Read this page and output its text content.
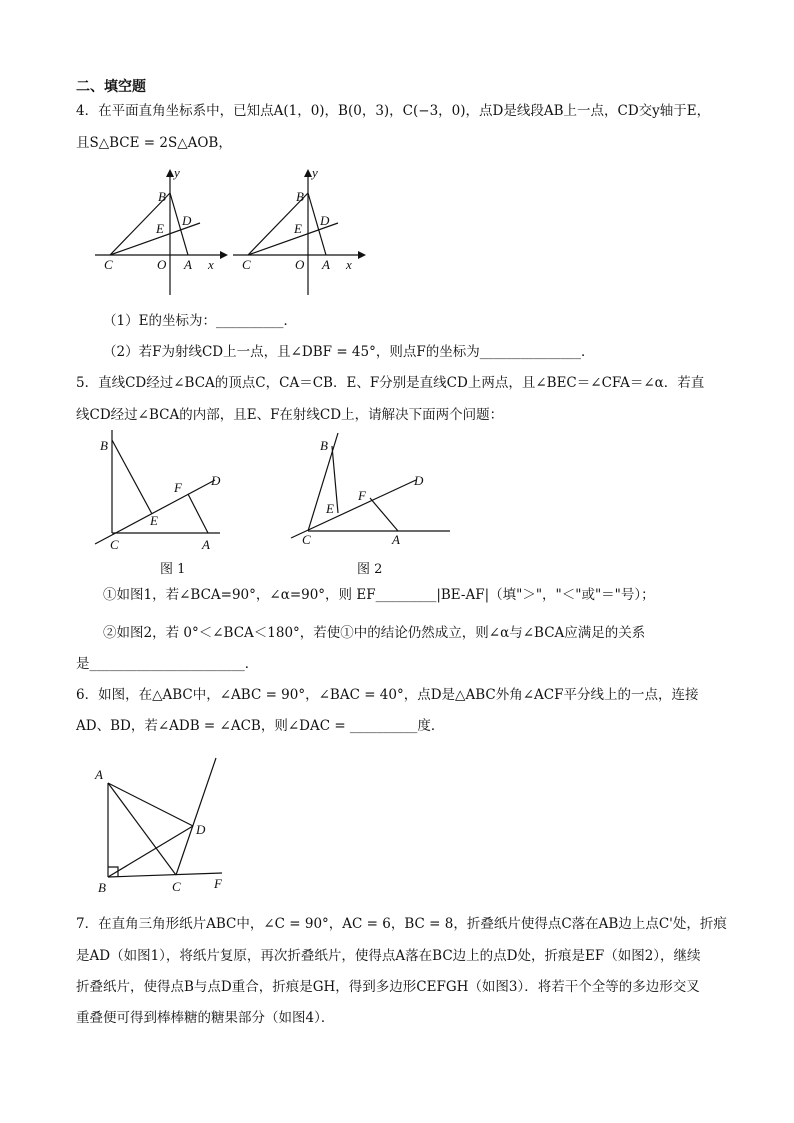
二、填空题
4．在平面直角坐标系中，已知点A(1，0)，B(0，3)，C(−3，0)，点D是线段AB上一点，CD交y轴于E，
且S△BCE = 2S△AOB，
y
x
B
D
E
C	O A
y
x
B
D
E
C	O A
（1）E的坐标为：__________．
（2）若F为射线CD上一点，且∠DBF = 45°，则点F的坐标为_______________．
5．直线CD经过∠BCA的顶点C，CA＝CB．E、F分别是直线CD上两点，且∠BEC＝∠CFA＝∠α．若直
线CD经过∠BCA的内部，且E、F在射线CD上，请解决下面两个问题：
B
D
F
E
C	A
图 1
B
D
F
E
C	A
图 2
①如图1，若∠BCA=90°，∠α=90°，则 EF_________|BE-AF|（填"＞"，"＜"或"＝"号）；
②如图2，若 0°＜∠BCA＜180°，若使①中的结论仍然成立，则∠α与∠BCA应满足的关系
是_______________________．
6．如图，在△ABC中，∠ABC = 90°，∠BAC = 40°，点D是△ABC外角∠ACF平分线上的一点，连接
AD、BD，若∠ADB = ∠ACB，则∠DAC = __________度．
A
D
B	C	F
7．在直角三角形纸片ABC中，∠C = 90°，AC = 6，BC = 8，折叠纸片使得点C落在AB边上点C'处，折痕
是AD（如图1），将纸片复原，再次折叠纸片，使得点A落在BC边上的点D处，折痕是EF（如图2），继续
折叠纸片，使得点B与点D重合，折痕是GH，得到多边形CEFGH（如图3）．将若干个全等的多边形交叉
重叠便可得到棒棒糖的糖果部分（如图4）．
